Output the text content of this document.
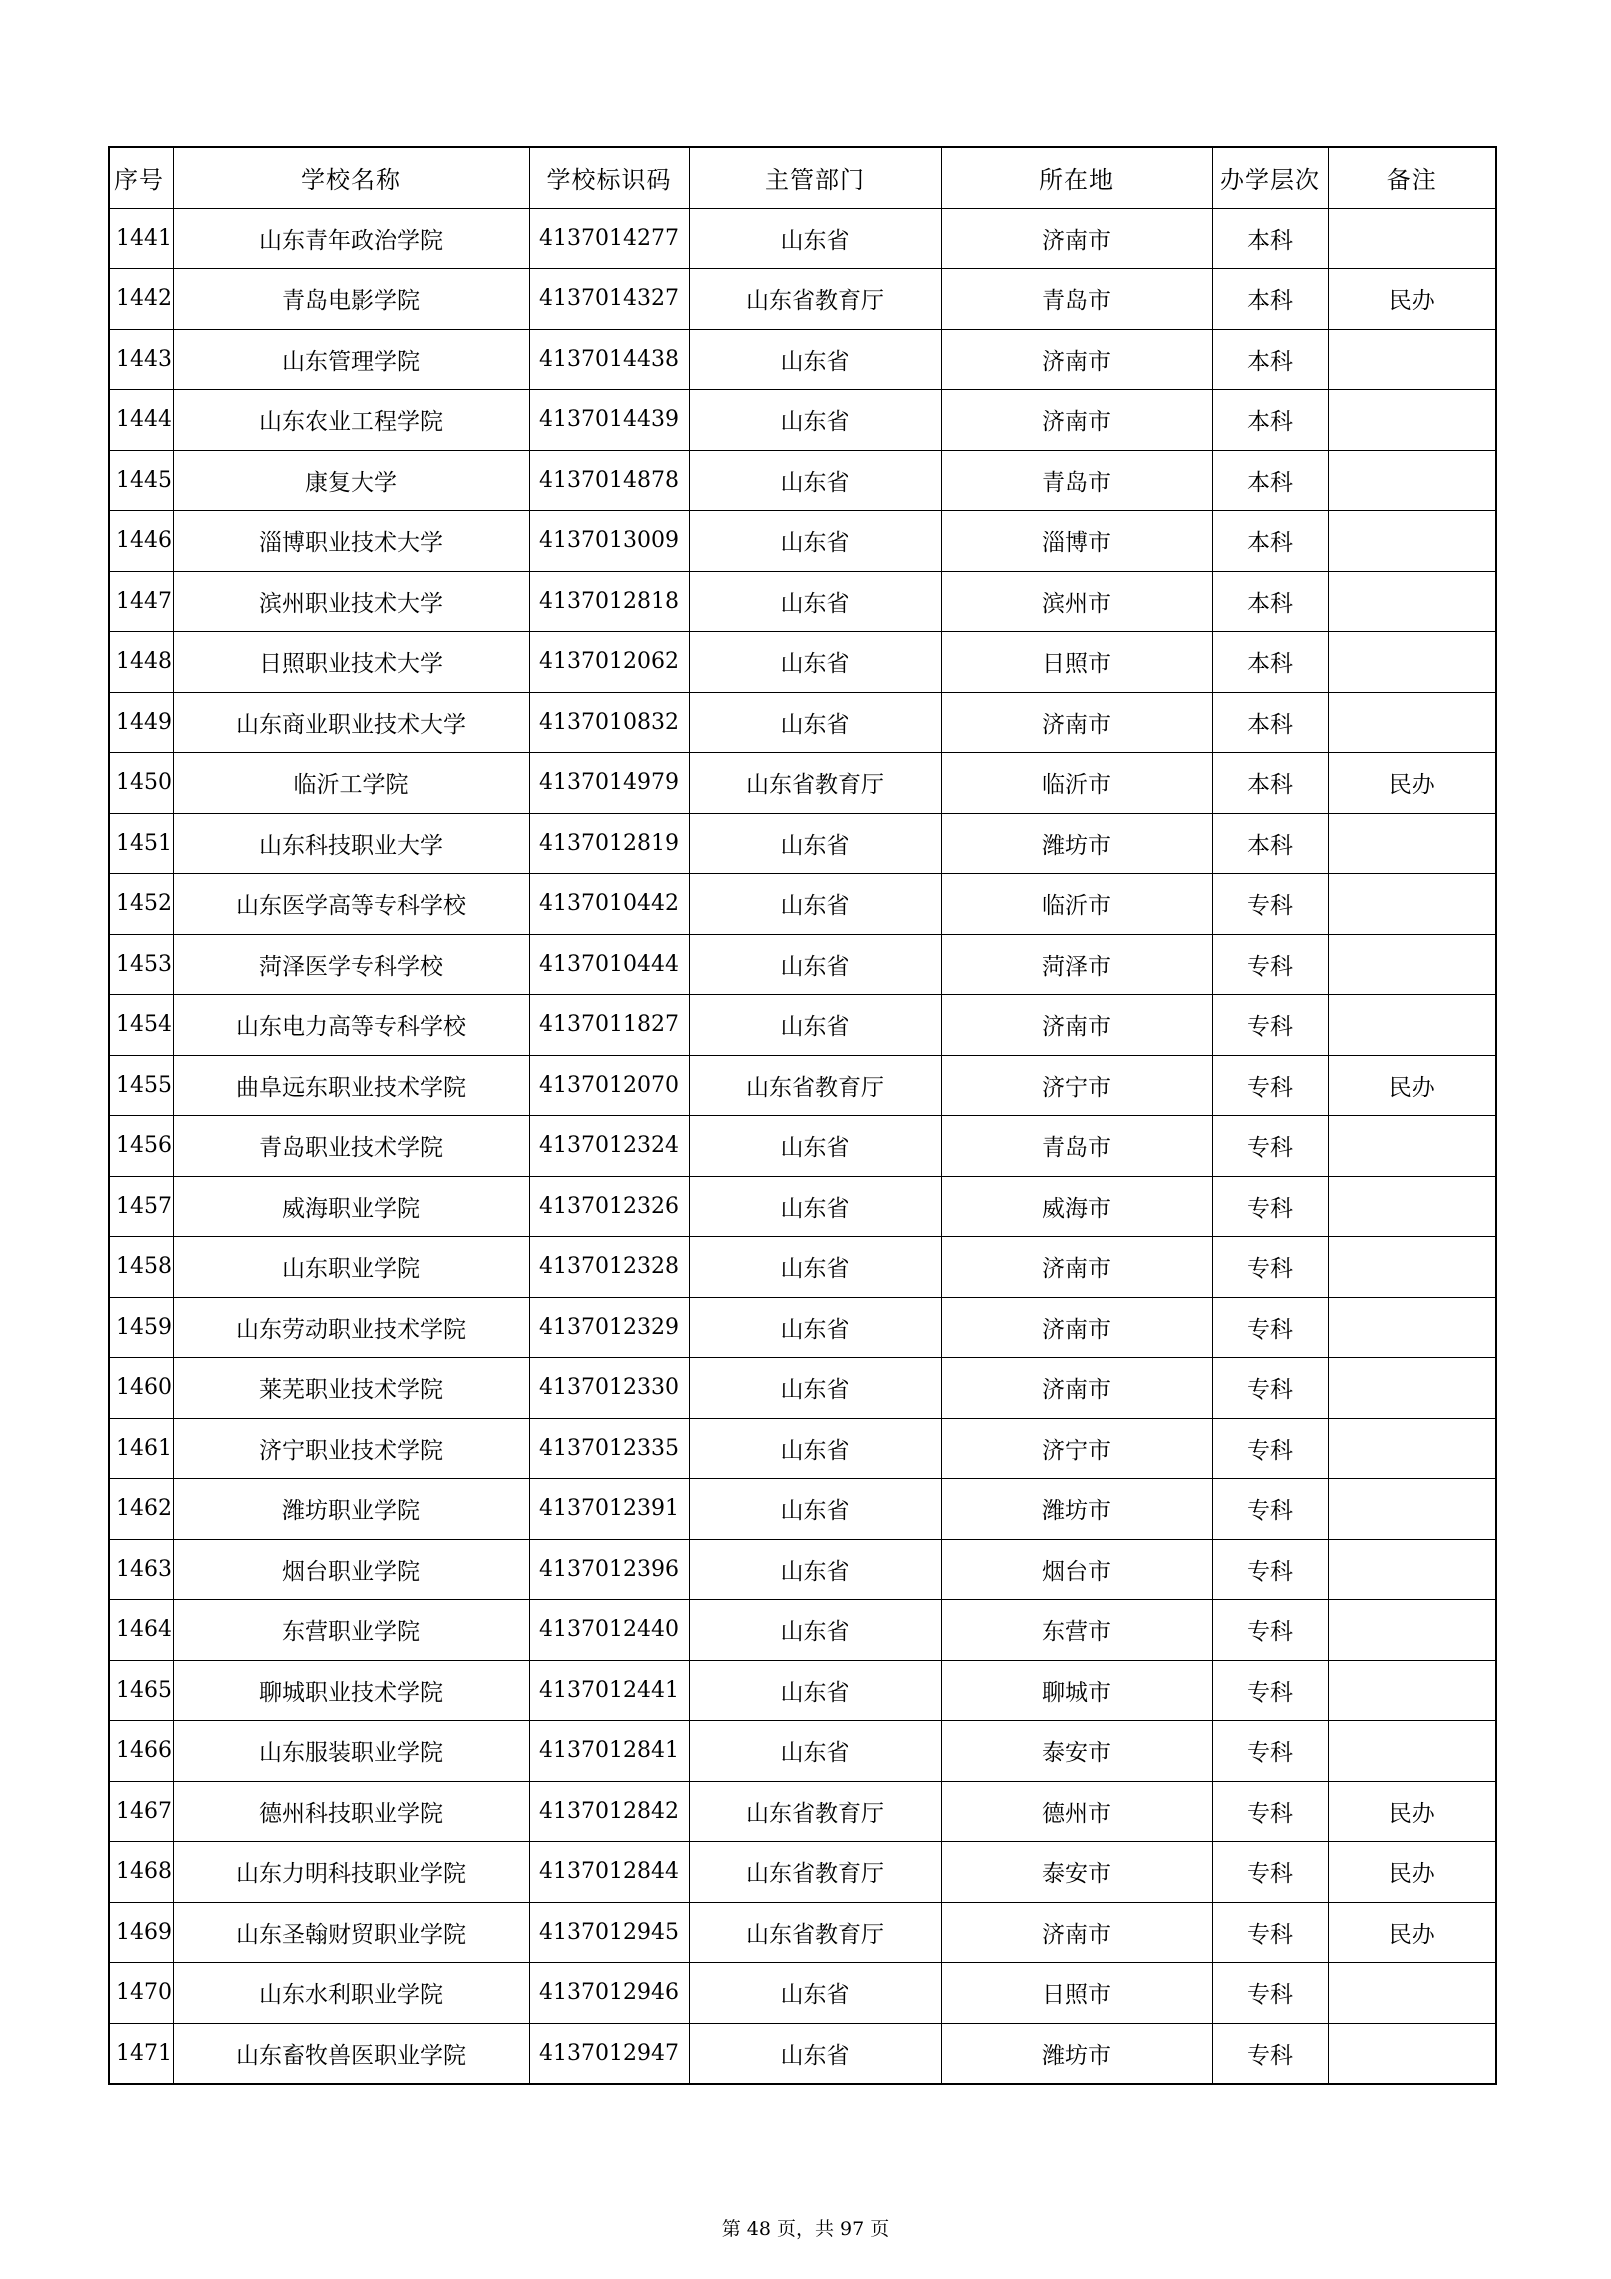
序号	学校名称	学校标识码	主管部门	所在地	办学层次	备注
1441	山东青年政治学院	4137014277	山东省	济南市	本科	
1442	青岛电影学院	4137014327	山东省教育厅	青岛市	本科	民办
1443	山东管理学院	4137014438	山东省	济南市	本科	
1444	山东农业工程学院	4137014439	山东省	济南市	本科	
1445	康复大学	4137014878	山东省	青岛市	本科	
1446	淄博职业技术大学	4137013009	山东省	淄博市	本科	
1447	滨州职业技术大学	4137012818	山东省	滨州市	本科	
1448	日照职业技术大学	4137012062	山东省	日照市	本科	
1449	山东商业职业技术大学	4137010832	山东省	济南市	本科	
1450	临沂工学院	4137014979	山东省教育厅	临沂市	本科	民办
1451	山东科技职业大学	4137012819	山东省	潍坊市	本科	
1452	山东医学高等专科学校	4137010442	山东省	临沂市	专科	
1453	菏泽医学专科学校	4137010444	山东省	菏泽市	专科	
1454	山东电力高等专科学校	4137011827	山东省	济南市	专科	
1455	曲阜远东职业技术学院	4137012070	山东省教育厅	济宁市	专科	民办
1456	青岛职业技术学院	4137012324	山东省	青岛市	专科	
1457	威海职业学院	4137012326	山东省	威海市	专科	
1458	山东职业学院	4137012328	山东省	济南市	专科	
1459	山东劳动职业技术学院	4137012329	山东省	济南市	专科	
1460	莱芜职业技术学院	4137012330	山东省	济南市	专科	
1461	济宁职业技术学院	4137012335	山东省	济宁市	专科	
1462	潍坊职业学院	4137012391	山东省	潍坊市	专科	
1463	烟台职业学院	4137012396	山东省	烟台市	专科	
1464	东营职业学院	4137012440	山东省	东营市	专科	
1465	聊城职业技术学院	4137012441	山东省	聊城市	专科	
1466	山东服装职业学院	4137012841	山东省	泰安市	专科	
1467	德州科技职业学院	4137012842	山东省教育厅	德州市	专科	民办
1468	山东力明科技职业学院	4137012844	山东省教育厅	泰安市	专科	民办
1469	山东圣翰财贸职业学院	4137012945	山东省教育厅	济南市	专科	民办
1470	山东水利职业学院	4137012946	山东省	日照市	专科	
1471	山东畜牧兽医职业学院	4137012947	山东省	潍坊市	专科	
第 48 页，共 97 页
